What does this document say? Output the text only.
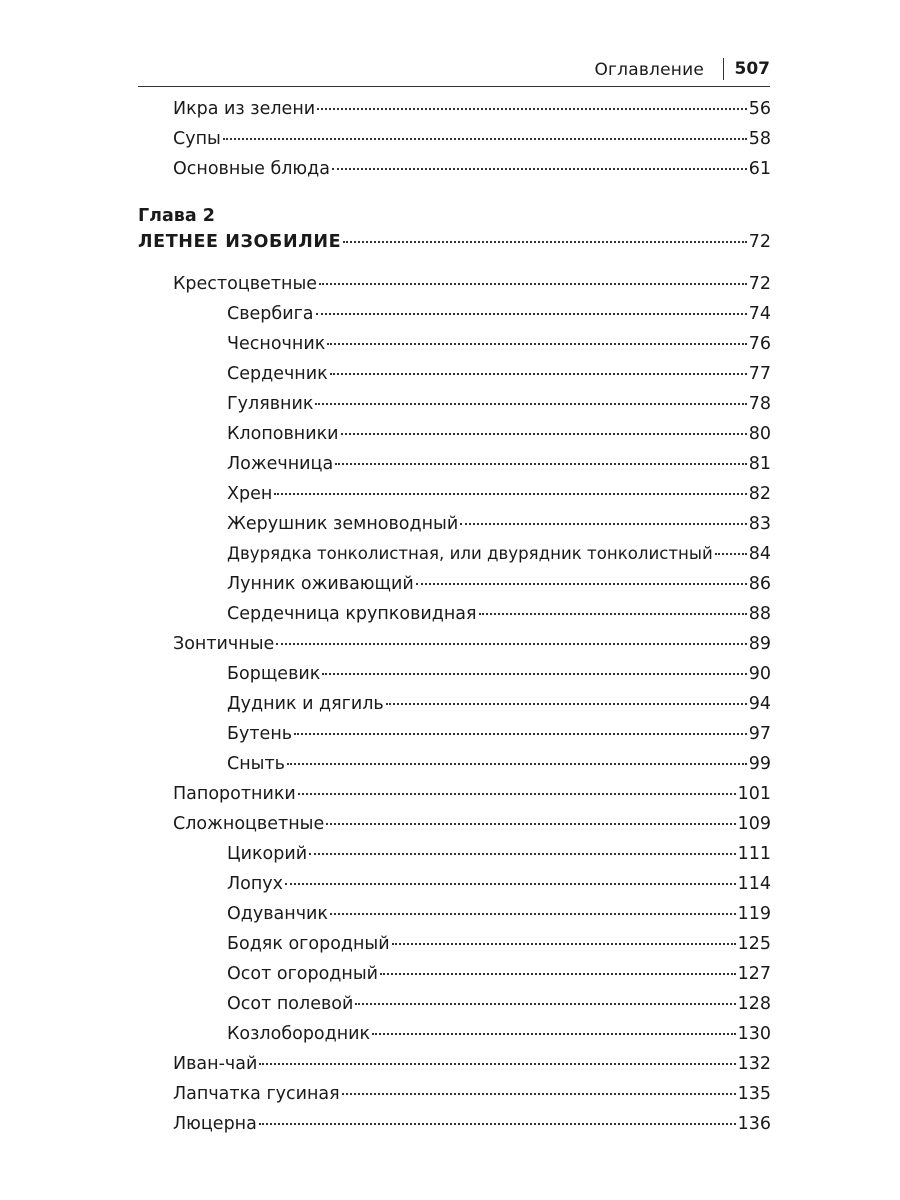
Оглавление 507
Икра из зелени	56
Супы	58
Основные блюда	61
Глава 2
ЛЕТНЕЕ ИЗОБИЛИЕ	72
Крестоцветные	72
Свербига	74
Чесночник	76
Сердечник	77
Гулявник	78
Клоповники	80
Ложечница	81
Хрен	82
Жерушник земноводный	83
Двурядка тонколистная, или двурядник тонколистный 84
Лунник оживающий	86
Сердечница крупковидная	88
Зонтичные	89
Борщевик	90
Дудник и дягиль	94
Бутень	97
Сныть	99
Папоротники	101
Сложноцветные	109
Цикорий	111
Лопух	114
Одуванчик	119
Бодяк огородный	125
Осот огородный	127
Осот полевой	128
Козлобородник	130
Иван-чай	132
Лапчатка гусиная	135
Люцерна	136
